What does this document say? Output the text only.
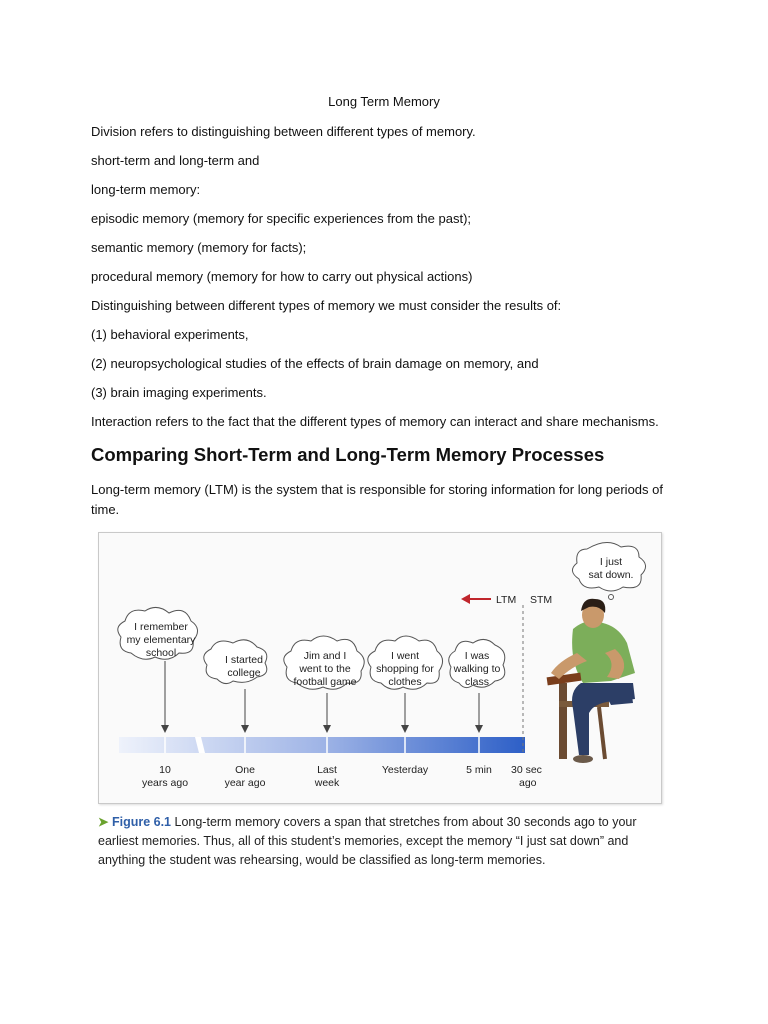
Long Term Memory
Division refers to distinguishing between different types of memory.
short-term and long-term and
long-term memory:
episodic memory (memory for specific experiences from the past);
semantic memory (memory for facts);
procedural memory (memory for how to carry out physical actions)
Distinguishing between different types of memory we must consider the results of:
(1) behavioral experiments,
(2) neuropsychological studies of the effects of brain damage on memory, and
(3) brain imaging experiments.
Interaction refers to the fact that the different types of memory can interact and share mechanisms.
Comparing Short-Term and Long-Term Memory Processes
Long-term memory (LTM) is the system that is responsible for storing information for long periods of time.
LTM STM
I just
sat down.
I remember
my elementary
school
I started
college
Jim and I
went to the
football game
I went
shopping for
clothes
I was
walking to
class
10
years ago
One
year ago
Last
week
Yesterday	5 min 30 sec
ago
➤ Figure 6.1 Long-term memory covers a span that stretches from about 30 seconds ago to your earliest memories. Thus, all of this student’s memories, except the memory “I just sat down” and anything the student was rehearsing, would be classified as long-term memories.
